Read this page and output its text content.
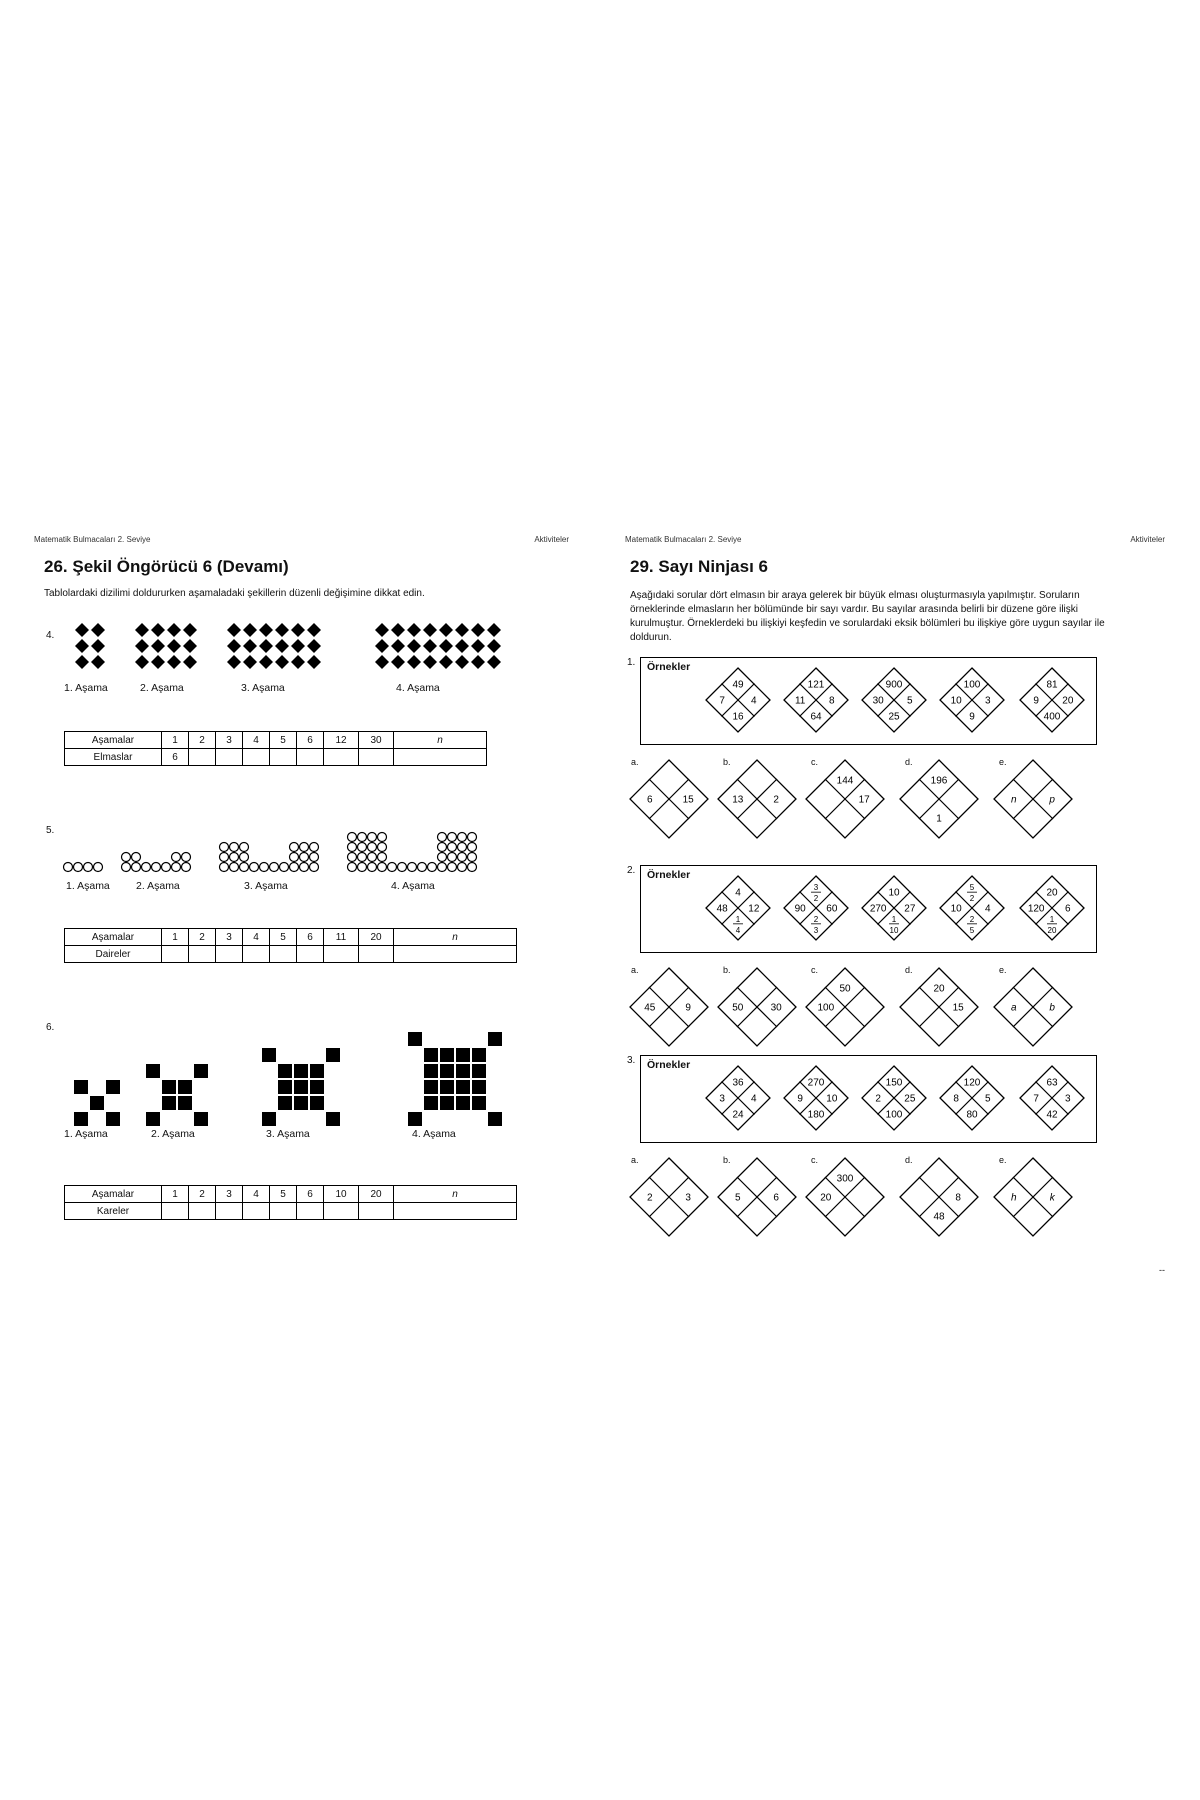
Matematik Bulmacaları 2. Seviye	Aktiviteler
26. Şekil Öngörücü 6 (Devamı)
Tablolardaki dizilimi doldururken aşamaladaki şekillerin düzenli değişimine dikkat edin.
4.
1. Aşama	2. Aşama	3. Aşama	4. Aşama
Aşamalar	1	2	3	4	5	6	12	30	n
Elmaslar	6								
5.
1. Aşama 2. Aşama	3. Aşama	4. Aşama
Aşamalar	1	2	3	4	5	6	11	20	n
Daireler									
6.
1. Aşama	2. Aşama	3. Aşama	4. Aşama
Aşamalar	1	2	3	4	5	6	10	20	n
Kareler									
Matematik Bulmacaları 2. Seviye	Aktiviteler
29. Sayı Ninjası 6
Aşağıdaki sorular dört elmasın bir araya gelerek bir büyük elması oluşturmasıyla yapılmıştır. Soruların örneklerinde elmasların her bölümünde bir sayı vardır. Bu sayılar arasında belirli bir düzene göre ilişki kurulmuştur. Örneklerdeki bu ilişkiyi keşfedin ve sorulardaki eksik bölümleri bu ilişkiye göre uygun sayılar ile doldurun.
1. Örnekler
49
16
7	4
121
64
11 8
900
25
30 5
100
9
10 3
81
400
9 20
a.
6	15
b.
13	2
c.
144
17
d.
196
1
e.
n	p
2. Örnekler
4
1
4
48 12
3
2
2
3
90 60
10
1
10
270 27
5
2
2
5
10 4
20
1
20
120 6
a.
45	9
b.
50	30
c.
50
100
d.
20
15
e.
a	b
3. Örnekler
36
24
3	4
270
180
9 10
150
100
2 25
120
80
8	5
63
42
7	3
a.
2	3
b.
5	6
c.
300
20
d.
48
8
e.
h	k
--
